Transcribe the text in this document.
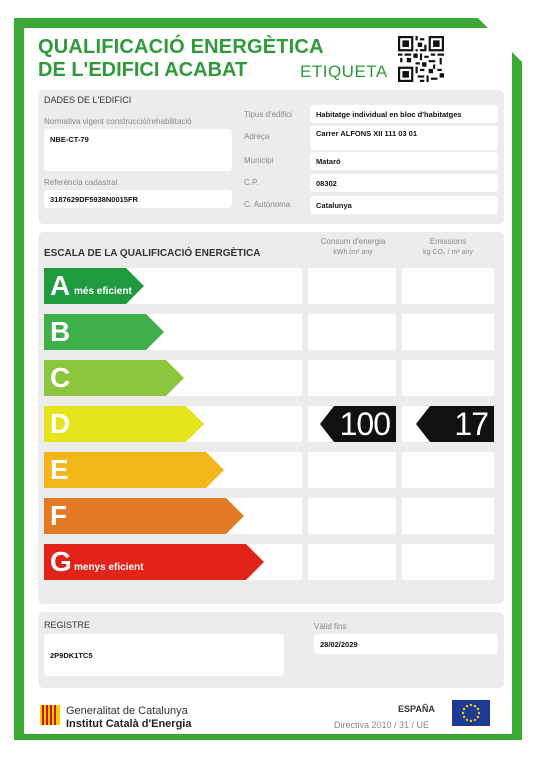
QUALIFICACIÓ ENERGÈTICA
DE L'EDIFICI ACABAT	ETIQUETA
DADES DE L'EDIFICI
Normativa vigent construcció/rehabilitació
NBE-CT-79
Referència cadastral
3187629DF5938N0015FR
Tipus d'edifici	Habitatge individual en bloc d'habitatges
Adreça	Carrer ALFONS XII 111 03 01
Municipi	Mataró
C.P.	08302
C. Autònoma	Catalunya
ESCALA DE LA QUALIFICACIÓ ENERGÈTICA
Consum d'energia
kWh /m² any
Emissions
kg CO₂ / m² any
A més eficient
B
C
D	100 17
E
F
G menys eficient
REGISTRE
2P9DK1TC5
Vàlid fins
28/02/2029
Generalitat de Catalunya
Institut Català d'Energia
ESPAÑA
Directiva 2010 / 31 / UE
